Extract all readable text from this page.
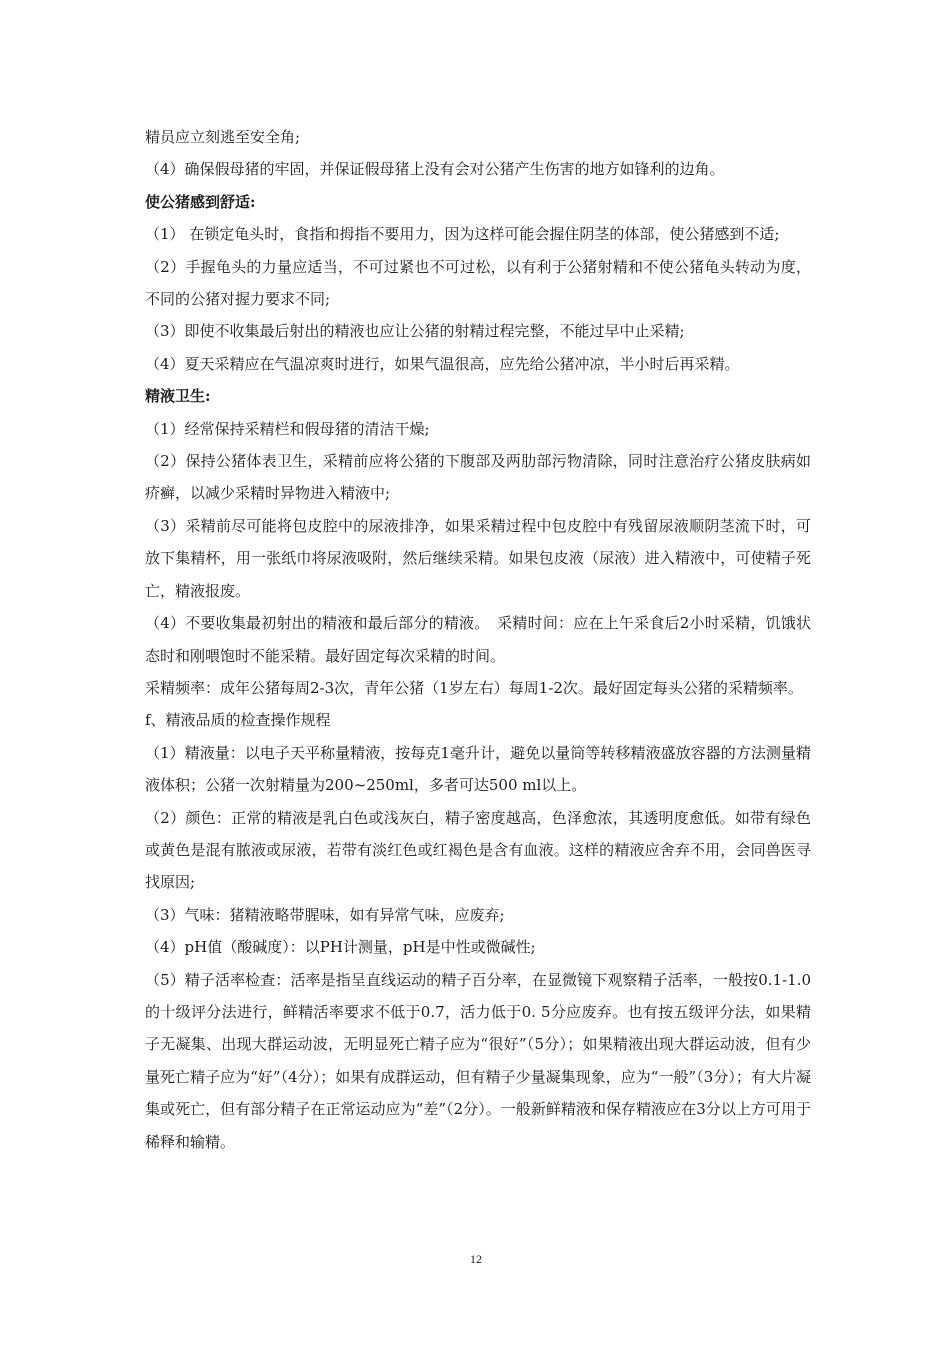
精员应立刻逃至安全角;

（4）确保假母猪的牢固，并保证假母猪上没有会对公猪产生伤害的地方如锋利的边角。

使公猪感到舒适:

（1） 在锁定龟头时，食指和拇指不要用力，因为这样可能会握住阴茎的体部，使公猪感到不适;

（2）手握龟头的力量应适当，不可过紧也不可过松，以有利于公猪射精和不使公猪龟头转动为度，不同的公猪对握力要求不同;

（3）即使不收集最后射出的精液也应让公猪的射精过程完整，不能过早中止采精;

（4）夏天采精应在气温凉爽时进行，如果气温很高，应先给公猪冲凉，半小时后再采精。

精液卫生:

（1）经常保持采精栏和假母猪的清洁干燥;

（2）保持公猪体表卫生，采精前应将公猪的下腹部及两肋部污物清除，同时注意治疗公猪皮肤病如疥癣，以减少采精时异物进入精液中;

（3）采精前尽可能将包皮腔中的尿液排净，如果采精过程中包皮腔中有残留尿液顺阴茎流下时，可放下集精杯，用一张纸巾将尿液吸附，然后继续采精。如果包皮液（尿液）进入精液中，可使精子死亡，精液报废。

（4）不要收集最初射出的精液和最后部分的精液。　采精时间：应在上午采食后2小时采精，饥饿状态时和刚喂饱时不能采精。最好固定每次采精的时间。

采精频率：成年公猪每周2-3次，青年公猪（1岁左右）每周1-2次。最好固定每头公猪的采精频率。

f、精液品质的检查操作规程

（1）精液量：以电子天平称量精液，按每克1毫升计，避免以量筒等转移精液盛放容器的方法测量精液体积；公猪一次射精量为200~250ml，多者可达500 ml以上。

（2）颜色：正常的精液是乳白色或浅灰白，精子密度越高，色泽愈浓，其透明度愈低。如带有绿色或黄色是混有脓液或尿液，若带有淡红色或红褐色是含有血液。这样的精液应舍弃不用，会同兽医寻找原因;

（3）气味：猪精液略带腥味，如有异常气味，应废弃;

（4）pH值（酸碱度）：以PH计测量，pH是中性或微碱性;

（5）精子活率检查：活率是指呈直线运动的精子百分率，在显微镜下观察精子活率，一般按0.1-1.0 的十级评分法进行，鲜精活率要求不低于0.7，活力低于0. 5分应废弃。也有按五级评分法，如果精子无凝集、出现大群运动波，无明显死亡精子应为“很好”（5分）；如果精液出现大群运动波，但有少量死亡精子应为“好”（4分）；如果有成群运动，但有精子少量凝集现象，应为“一般”（3分）；有大片凝集或死亡，但有部分精子在正常运动应为“差”（2分）。一般新鲜精液和保存精液应在3分以上方可用于稀释和输精。

12
